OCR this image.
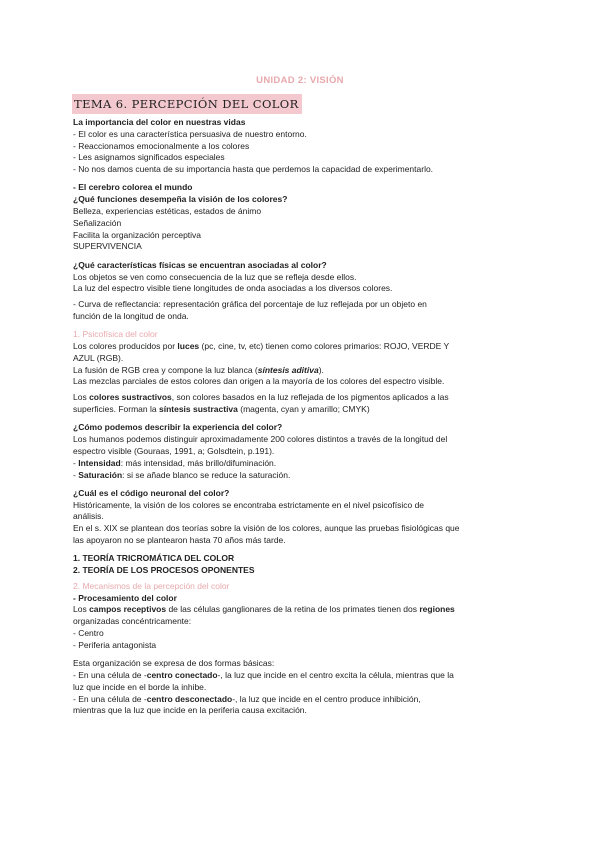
UNIDAD 2: VISIÓN
TEMA 6. PERCEPCIÓN DEL COLOR

La importancia del color en nuestras vidas

- El color es una característica persuasiva de nuestro entorno.

- Reaccionamos emocionalmente a los colores

- Les asignamos significados especiales

- No nos damos cuenta de su importancia hasta que perdemos la capacidad de experimentarlo.

- El cerebro colorea el mundo

¿Qué funciones desempeña la visión de los colores?

Belleza, experiencias estéticas, estados de ánimo

Señalización

Facilita la organización perceptiva

SUPERVIVENCIA

¿Qué características físicas se encuentran asociadas al color?

Los objetos se ven como consecuencia de la luz que se refleja desde ellos.

La luz del espectro visible tiene longitudes de onda asociadas a los diversos colores.

- Curva de reflectancia: representación gráfica del porcentaje de luz reflejada por un objeto en

función de la longitud de onda.

1. Psicofísica del color

Los colores producidos por luces (pc, cine, tv, etc) tienen como colores primarios: ROJO, VERDE Y

AZUL (RGB).

La fusión de RGB crea y compone la luz blanca (síntesis aditiva).

Las mezclas parciales de estos colores dan origen a la mayoría de los colores del espectro visible.

Los colores sustractivos, son colores basados en la luz reflejada de los pigmentos aplicados a las

superficies. Forman la síntesis sustractiva (magenta, cyan y amarillo; CMYK)

¿Cómo podemos describir la experiencia del color?

Los humanos podemos distinguir aproximadamente 200 colores distintos a través de la longitud del

espectro visible (Gouraas, 1991, a; Golsdtein, p.191).

- Intensidad: más intensidad, más brillo/difuminación.

- Saturación: si se añade blanco se reduce la saturación.

¿Cuál es el código neuronal del color?

Históricamente, la visión de los colores se encontraba estrictamente en el nivel psicofísico de

análisis.

En el s. XIX se plantean dos teorías sobre la visión de los colores, aunque las pruebas fisiológicas que

las apoyaron no se plantearon hasta 70 años más tarde.

1. TEORÍA TRICROMÁTICA DEL COLOR

2. TEORÍA DE LOS PROCESOS OPONENTES

2. Mecanismos de la percepción del color

- Procesamiento del color

Los campos receptivos de las células ganglionares de la retina de los primates tienen dos regiones

organizadas concéntricamente:

- Centro

- Periferia antagonista

Esta organización se expresa de dos formas básicas:

- En una célula de -centro conectado-, la luz que incide en el centro excita la célula, mientras que la

luz que incide en el borde la inhibe.

- En una célula de -centro desconectado-, la luz que incide en el centro produce inhibición,

mientras que la luz que incide en la periferia causa excitación.
